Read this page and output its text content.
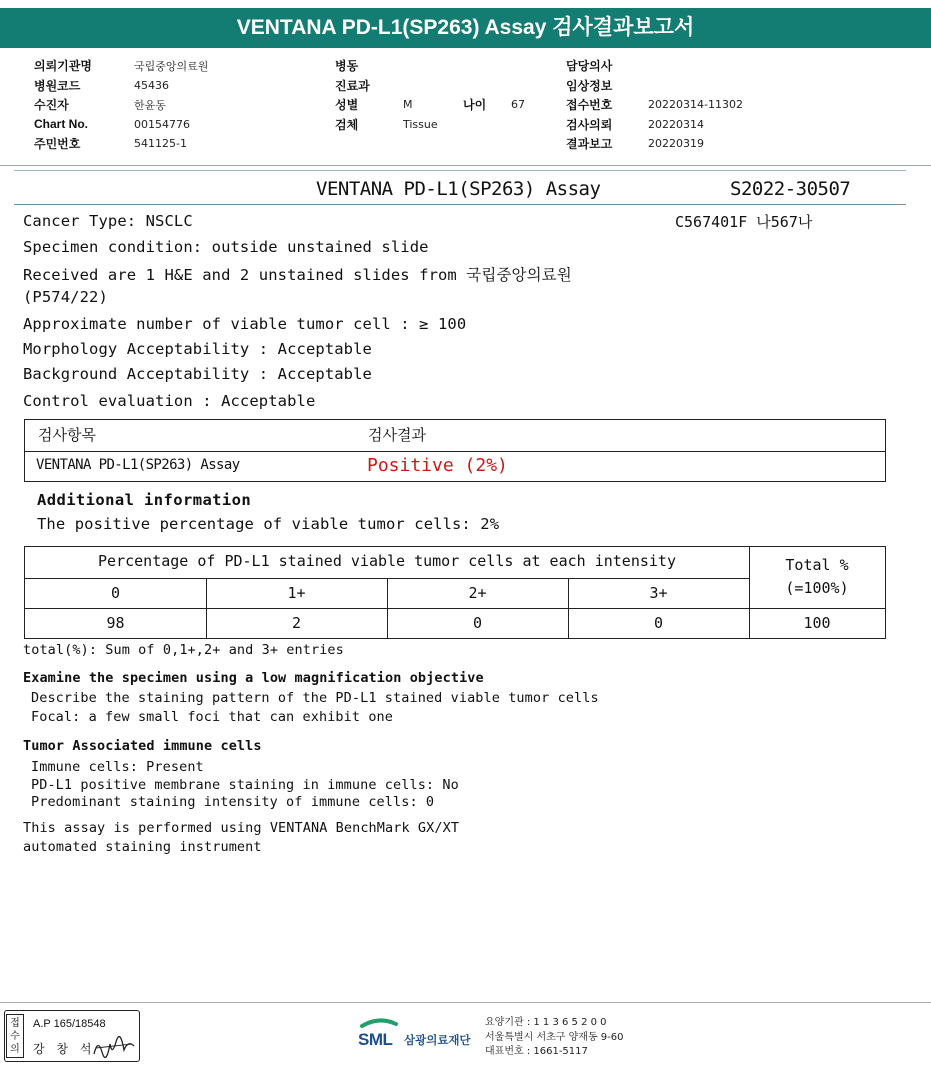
VENTANA PD-L1(SP263) Assay 검사결과보고서
의뢰기관명	국립중앙의료원
병원코드	45436
수진자	한윤동
Chart No.	00154776
주민번호	541125-1
병동
진료과
성별	M	나이	67
검체	Tissue
담당의사
임상정보
접수번호	20220314-11302
검사의뢰	20220314
결과보고	20220319
VENTANA PD-L1(SP263) Assay	S2022-30507
C567401F 나567나
Cancer Type: NSCLC
Specimen condition: outside unstained slide
Received are 1 H&E and 2 unstained slides from 국립중앙의료원
(P574/22)
Approximate number of viable tumor cell : ≥ 100
Morphology Acceptability : Acceptable
Background Acceptability : Acceptable
Control evaluation : Acceptable
검사항목	검사결과
VENTANA PD-L1(SP263) Assay	Positive (2%)
Additional information
The positive percentage of viable tumor cells: 2%
Percentage of PD-L1 stained viable tumor cells at each intensity	Total %
(=100%)
0	1+	2+	3+
98	2	0	0	100
total(%): Sum of 0,1+,2+ and 3+ entries
Examine the specimen using a low magnification objective
Describe the staining pattern of the PD-L1 stained viable tumor cells
Focal: a few small foci that can exhibit one
Tumor Associated immune cells
Immune cells: Present
PD-L1 positive membrane staining in immune cells: No
Predominant staining intensity of immune cells: 0
This assay is performed using VENTANA BenchMark GX/XT
automated staining instrument
접수의
A.P 165/18548
강 창 석	SML 삼광의료재단
요양기관 : 1 1 3 6 5 2 0 0
서울특별시 서초구 양재동 9-60
대표번호 : 1661-5117
